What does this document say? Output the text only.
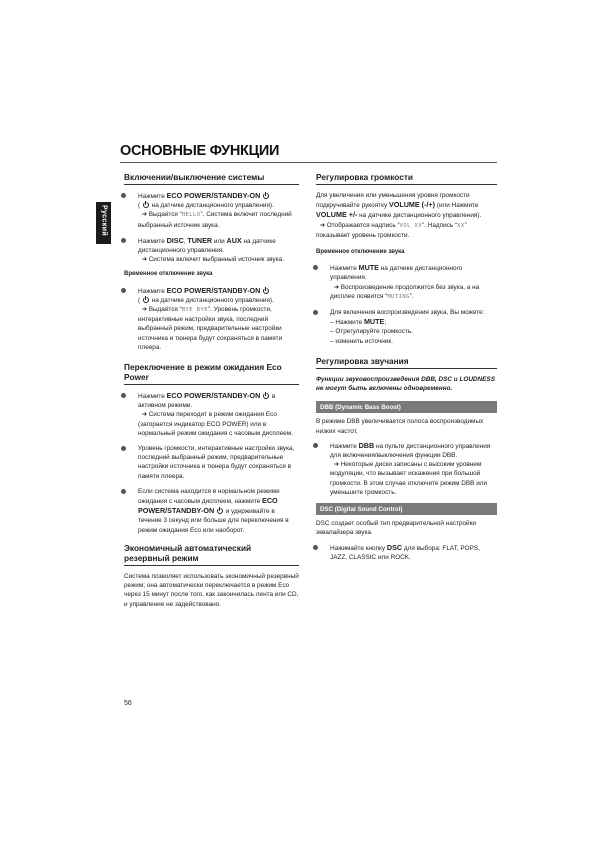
ОСНОВНЫЕ ФУНКЦИИ
Русский
Включении/выключение системы
Нажмите ECO POWER/STANDBY-ON
(  на датчике дистанционного управления).
➜ Выдаётся “HELLO”. Система включит последний выбранный источник звука.
Нажмите DISC, TUNER или AUX на датчике дистанционного управления.
➜ Система включит выбранный источник звука.
Временное отключение звука
Нажмите ECO POWER/STANDBY-ON
(  на датчике дистанционного управления).
➜ Выдаётся “BYE BYE”. Уровень громкости, интерактивные настройки звука, последний выбранный режим, предварительные настройки источника и тюнера будут сохраняться в памяти плеера.
Переключение в режим ожидания Eco Power
Нажмите ECO POWER/STANDBY-ON  в активном режиме.
➜ Система переходит в режим ожидания Eco (загорается индикатор ECO POWER) или в нормальный режим ожидания с часовым дисплеем.
Уровень громкости, интерактивные настройки звука, последний выбранный режим, предварительные настройки источника и тюнера будут сохраняться в памяти плеера.
Если система находится в нормальном режиме ожидания с часовым дисплеем, нажмите ECO POWER/STANDBY-ON  и удерживайте в течение 3 секунд или больше для переключения в режим ожидания Eco или наоборот.
Экономичный автоматический резервный режим
Система позволяет использовать экономичный резервный режим; она автоматически переключается в режим Eco через 15 минут после того, как закончилась лента или CD, и управление не задействовано.
Регулировка громкости
Для увеличения или уменьшения уровня громкости подкручивайте рукоятку VOLUME (-/+) (или Нажмите VOLUME +/- на датчике дистанционного управления).
➜ Отображается надпись “VOL XX”. Надпись “XX” показывает уровень громкости.
Временное отключение звука
Нажмите MUTE на датчике дистанционного управления.
➜ Воспроизведение продолжится без звука, а на дисплее появится “MUTING”.
Для включения воспроизведения звука, Вы можете:
– Нажмите MUTE;
– Отрегулируйте громкость.
– изменить источник.
Регулировка звучания
Функции звуковоспроизведения DBB, DSC и LOUDNESS не могут быть включены одновременно.
DBB (Dynamic Bass Boost)
В режиме DBB увеличивается полоса воспроизводимых низких частот.
Нажмите DBB на пульте дистанционного управления для включения/выключения функции DBB.
➜ Некоторые диски записаны с высоким уровнем модуляции, что вызывает искажения при большой громкости. В этом случае отключите режим DBB или уменьшите громкость.
DSC (Digital Sound Control)
DSC создает особый тип предварительной настройки эквалайзера звука.
Нажимайте кнопку DSC для выбора: FLAT, POPS, JAZZ, CLASSIC или ROCK.
56
